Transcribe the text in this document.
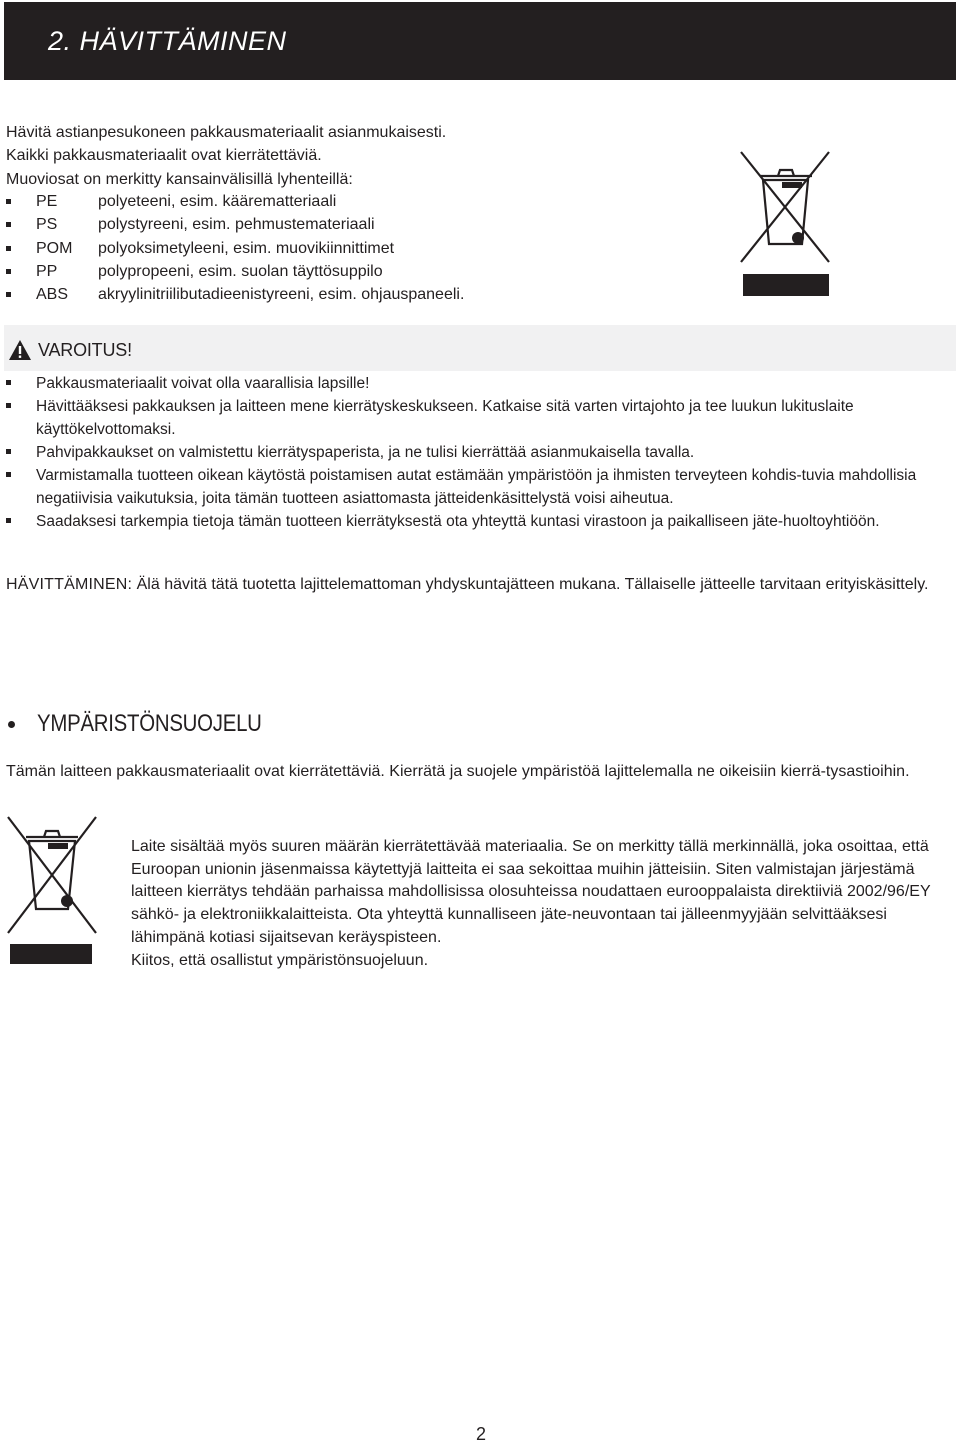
2. HÄVITTÄMINEN
Hävitä astianpesukoneen pakkausmateriaalit asianmukaisesti.
Kaikki pakkausmateriaalit ovat kierrätettäviä.
Muoviosat on merkitty kansainvälisillä lyhenteillä:
PE	polyeteeni, esim. käärematteriaali
PS	polystyreeni, esim. pehmustemateriaali
POM polyoksimetyleeni, esim. muovikiinnittimet
PP	polypropeeni, esim. suolan täyttösuppilo
ABS akryylinitriilibutadieenistyreeni, esim. ohjauspaneeli.
VAROITUS!
Pakkausmateriaalit voivat olla vaarallisia lapsille!
Hävittääksesi pakkauksen ja laitteen mene kierrätyskeskukseen. Katkaise sitä varten virtajohto ja tee luukun lukituslaite käyttökelvottomaksi.
Pahvipakkaukset on valmistettu kierrätyspaperista, ja ne tulisi kierrättää asianmukaisella tavalla.
Varmistamalla tuotteen oikean käytöstä poistamisen autat estämään ympäristöön ja ihmisten terveyteen kohdis-tuvia mahdollisia negatiivisia vaikutuksia, joita tämän tuotteen asiattomasta jätteidenkäsittelystä voisi aiheutua.
Saadaksesi tarkempia tietoja tämän tuotteen kierrätyksestä ota yhteyttä kuntasi virastoon ja paikalliseen jäte-huoltoyhtiöön.
HÄVITTÄMINEN: Älä hävitä tätä tuotetta lajittelemattoman yhdyskuntajätteen mukana. Tällaiselle jätteelle tarvitaan erityiskäsittely.
YMPÄRISTÖNSUOJELU
Tämän laitteen pakkausmateriaalit ovat kierrätettäviä. Kierrätä ja suojele ympäristöä lajittelemalla ne oikeisiin kierrä-tysastioihin.
Laite sisältää myös suuren määrän kierrätettävää materiaalia. Se on merkitty tällä merkinnällä, joka osoittaa, että Euroopan unionin jäsenmaissa käytettyjä laitteita ei saa sekoittaa muihin jätteisiin. Siten valmistajan järjestämä laitteen kierrätys tehdään parhaissa mahdollisissa olosuhteissa noudattaen eurooppalaista direktiiviä 2002/96/EY sähkö- ja elektroniikkalaitteista. Ota yhteyttä kunnalliseen jäte-neuvontaan tai jälleenmyyjään selvittääksesi lähimpänä kotiasi sijaitsevan keräyspisteen.
Kiitos, että osallistut ympäristönsuojeluun.
2
